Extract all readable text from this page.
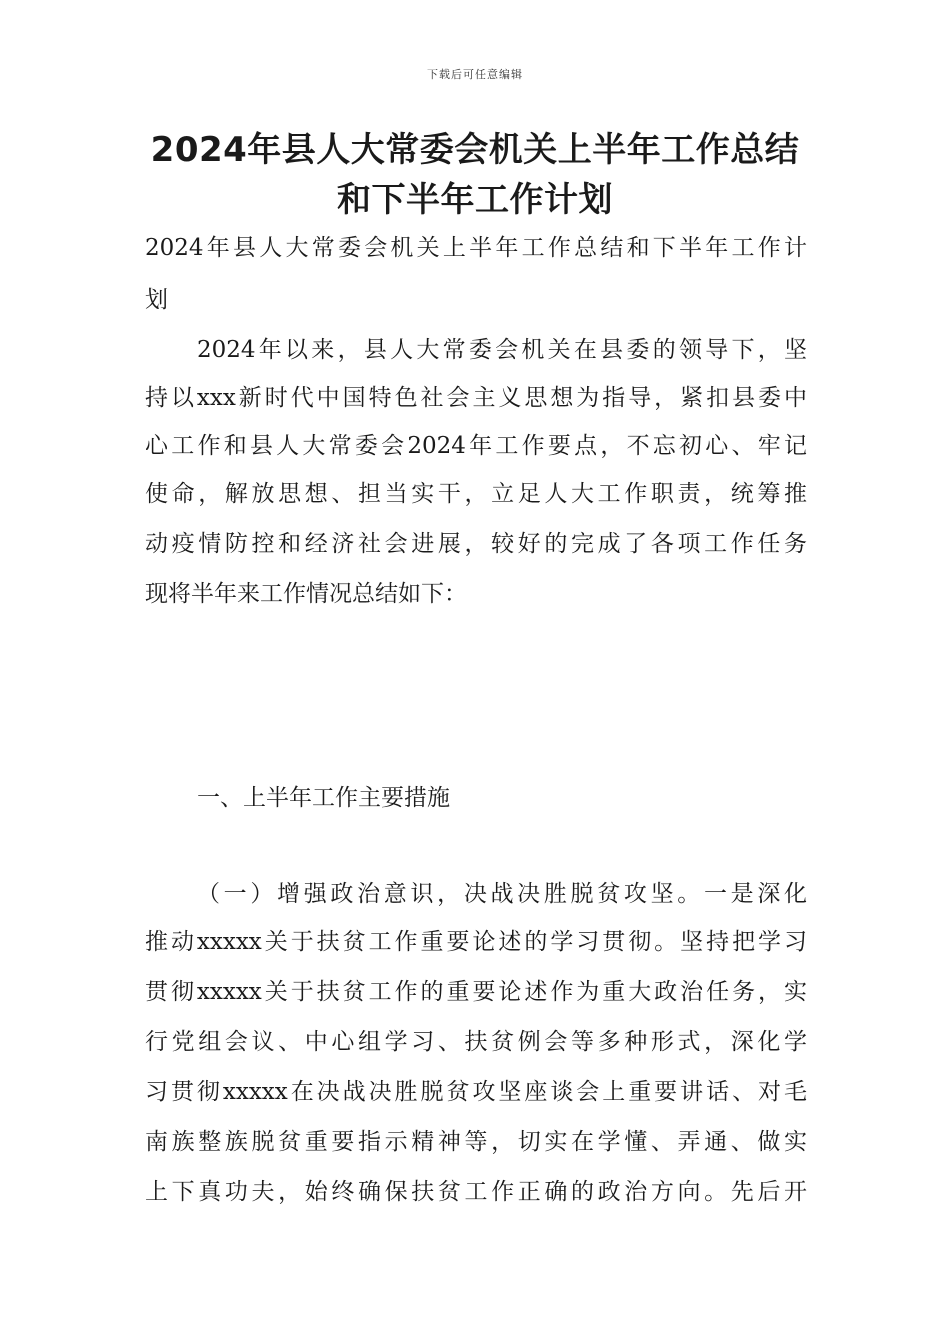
下载后可任意编辑
2024年县人大常委会机关上半年工作总结
和下半年工作计划
2024年县人大常委会机关上半年工作总结和下半年工作计
划
2024年以来，县人大常委会机关在县委的领导下，坚
持以xxx新时代中国特色社会主义思想为指导，紧扣县委中
心工作和县人大常委会2024年工作要点，不忘初心、牢记
使命，解放思想、担当实干，立足人大工作职责，统筹推
动疫情防控和经济社会进展，较好的完成了各项工作任务
现将半年来工作情况总结如下：
一、上半年工作主要措施
（一）增强政治意识，决战决胜脱贫攻坚。一是深化
推动xxxxx关于扶贫工作重要论述的学习贯彻。坚持把学习
贯彻xxxxx关于扶贫工作的重要论述作为重大政治任务，实
行党组会议、中心组学习、扶贫例会等多种形式，深化学
习贯彻xxxxx在决战决胜脱贫攻坚座谈会上重要讲话、对毛
南族整族脱贫重要指示精神等，切实在学懂、弄通、做实
上下真功夫，始终确保扶贫工作正确的政治方向。先后开
